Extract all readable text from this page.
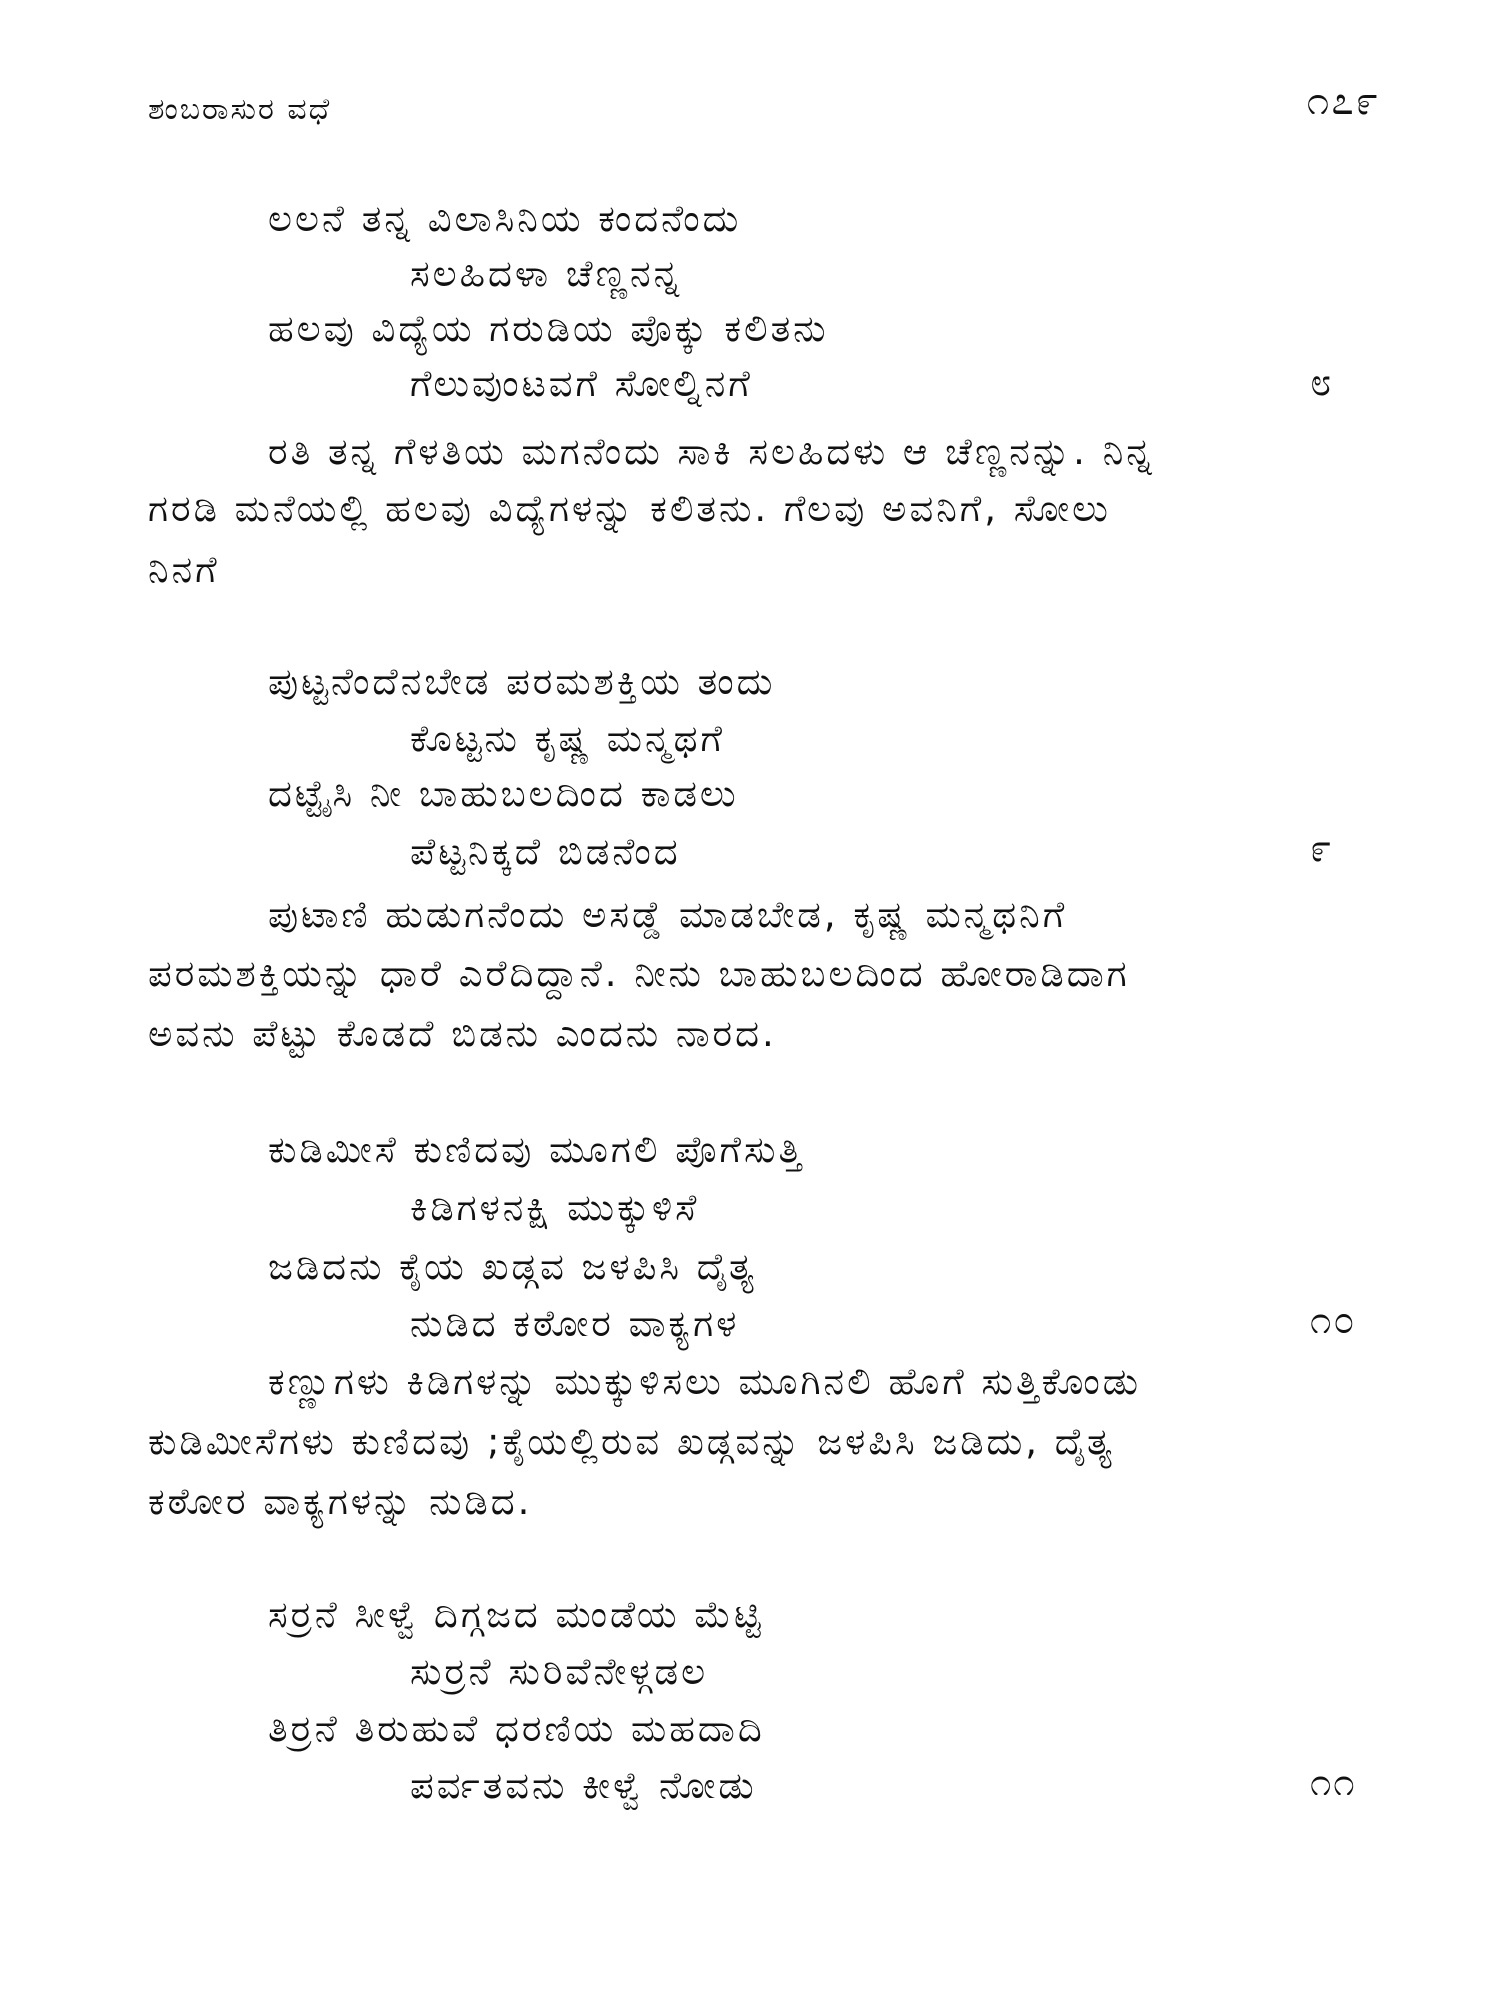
ಶಂಬರಾಸುರ ವಧೆ	೧೭೯
ಲಲನೆ ತನ್ನ ವಿಲಾಸಿನಿಯ ಕಂದನೆಂದು
ಸಲಹಿದಳಾ ಚೆಣ್ಣನನ್ನ
ಹಲವು ವಿದ್ಯೆಯ ಗರುಡಿಯ ಪೊಕ್ಕು ಕಲಿತನು
ಗೆಲುವುಂಟವಗೆ ಸೋಲ್ನಿನಗೆ	೮
ರತಿ ತನ್ನ ಗೆಳತಿಯ ಮಗನೆಂದು ಸಾಕಿ ಸಲಹಿದಳು ಆ ಚೆಣ್ಣನನ್ನು. ನಿನ್ನ
ಗರಡಿ ಮನೆಯಲ್ಲಿ ಹಲವು ವಿದ್ಯೆಗಳನ್ನು ಕಲಿತನು. ಗೆಲವು ಅವನಿಗೆ, ಸೋಲು
ನಿನಗೆ
ಪುಟ್ಟನೆಂದೆನಬೇಡ ಪರಮಶಕ್ತಿಯ ತಂದು
ಕೊಟ್ಟನು ಕೃಷ್ಣ ಮನ್ಮಥಗೆ
ದಟ್ಟೈಸಿ ನೀ ಬಾಹುಬಲದಿಂದ ಕಾಡಲು
ಪೆಟ್ಟನಿಕ್ಕದೆ ಬಿಡನೆಂದ	೯
ಪುಟಾಣಿ ಹುಡುಗನೆಂದು ಅಸಡ್ಡೆ ಮಾಡಬೇಡ, ಕೃಷ್ಣ ಮನ್ಮಥನಿಗೆ
ಪರಮಶಕ್ತಿಯನ್ನು ಧಾರೆ ಎರೆದಿದ್ದಾನೆ. ನೀನು ಬಾಹುಬಲದಿಂದ ಹೋರಾಡಿದಾಗ
ಅವನು ಪೆಟ್ಟು ಕೊಡದೆ ಬಿಡನು ಎಂದನು ನಾರದ.
ಕುಡಿಮೀಸೆ ಕುಣಿದವು ಮೂಗಲಿ ಪೊಗೆಸುತ್ತಿ
ಕಿಡಿಗಳನಕ್ಷಿ ಮುಕ್ಕುಳಿಸೆ
ಜಡಿದನು ಕೈಯ ಖಡ್ಗವ ಜಳಪಿಸಿ ದೈತ್ಯ
ನುಡಿದ ಕಠೋರ ವಾಕ್ಯಗಳ	೧೦
ಕಣ್ಣುಗಳು ಕಿಡಿಗಳನ್ನು ಮುಕ್ಕುಳಿಸಲು ಮೂಗಿನಲಿ ಹೊಗೆ ಸುತ್ತಿಕೊಂಡು
ಕುಡಿಮೀಸೆಗಳು ಕುಣಿದವು ;ಕೈಯಲ್ಲಿರುವ ಖಡ್ಗವನ್ನು ಜಳಪಿಸಿ ಜಡಿದು, ದೈತ್ಯ
ಕಠೋರ ವಾಕ್ಯಗಳನ್ನು ನುಡಿದ.
ಸರ್ರನೆ ಸೀಳ್ವೆ ದಿಗ್ಗಜದ ಮಂಡೆಯ ಮೆಟ್ಟಿ
ಸುರ್ರನೆ ಸುರಿವೆನೇಳ್ಗಡಲ
ತಿರ್ರನೆ ತಿರುಹುವೆ ಧರಣಿಯ ಮಹದಾದಿ
ಪರ್ವತವನು ಕೀಳ್ವೆ ನೋಡು	೧೧
